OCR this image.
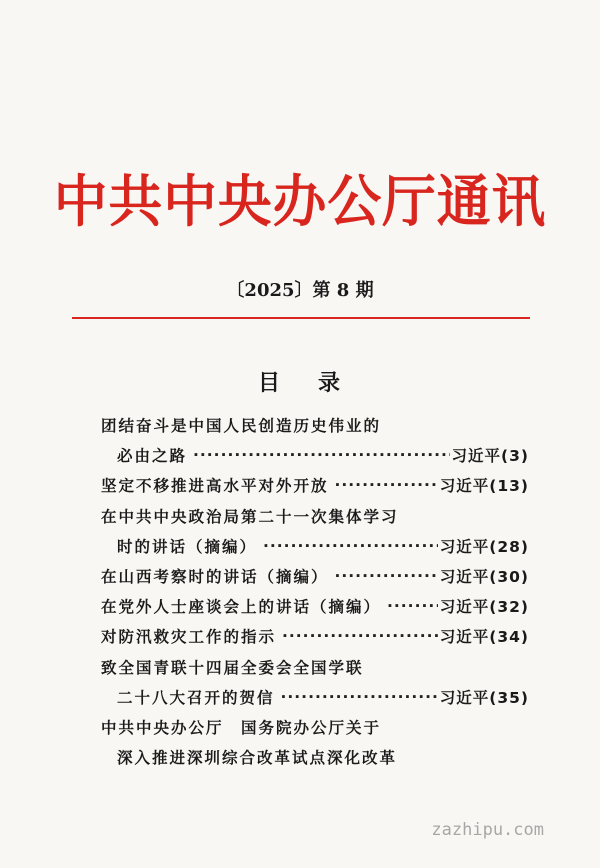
中共中央办公厅通讯
〔2025〕第 8 期
目 录
团结奋斗是中国人民创造历史伟业的
必由之路 ·····	习近平(3)
坚定不移推进高水平对外开放 ·····	习近平(13)
在中共中央政治局第二十一次集体学习
时的讲话（摘编） ·····	习近平(28)
在山西考察时的讲话（摘编） ·····	习近平(30)
在党外人士座谈会上的讲话（摘编） ·····	习近平(32)
对防汛救灾工作的指示 ·····	习近平(34)
致全国青联十四届全委会全国学联
二十八大召开的贺信 ·····	习近平(35)
中共中央办公厅　国务院办公厅关于
深入推进深圳综合改革试点深化改革
zazhipu.com
